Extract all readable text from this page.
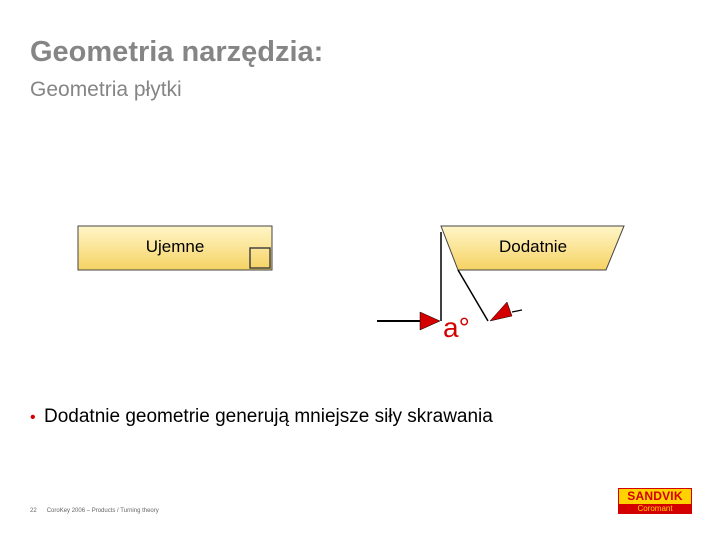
Geometria narzędzia:
Geometria płytki
Ujemne	Dodatnie
a°
• Dodatnie geometrie generują mniejsze siły skrawania
22 CoroKey 2006 – Products / Turning theory
SANDVIK
Coromant
